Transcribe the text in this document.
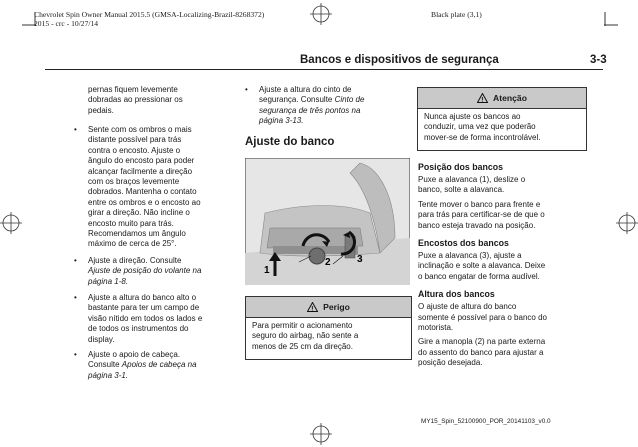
Chevrolet Spin Owner Manual 2015.5 (GMSA-Localizing-Brazil-8268372)
2015 - crc - 10/27/14
Black plate (3,1)
Bancos e dispositivos de segurança	3-3
pernas fiquem levemente
dobradas ao pressionar os
pedais.
• Sente com os ombros o mais
distante possível para trás
contra o encosto. Ajuste o
ângulo do encosto para poder
alcançar facilmente a direção
com os braços levemente
dobrados. Mantenha o contato
entre os ombros e o encosto ao
girar a direção. Não incline o
encosto muito para trás.
Recomendamos um ângulo
máximo de cerca de 25°.
• Ajuste a direção. Consulte
Ajuste de posição do volante na
página 1-8.
• Ajuste a altura do banco alto o
bastante para ter um campo de
visão nítido em todos os lados e
de todos os instrumentos do
display.
• Ajuste o apoio de cabeça.
Consulte Apoios de cabeça na
página 3-1.
• Ajuste a altura do cinto de
segurança. Consulte Cinto de
segurança de três pontos na
página 3-13.
Ajuste do banco
1
2	3
! Perigo
Para permitir o acionamento
seguro do airbag, não sente a
menos de 25 cm da direção.
! Atenção
Nunca ajuste os bancos ao
conduzir, uma vez que poderão
mover-se de forma incontrolável.
Posição dos bancos
Puxe a alavanca (1), deslize o
banco, solte a alavanca.
Tente mover o banco para frente e
para trás para certificar-se de que o
banco esteja travado na posição.
Encostos dos bancos
Puxe a alavanca (3), ajuste a
inclinação e solte a alavanca. Deixe
o banco engatar de forma audível.
Altura dos bancos
O ajuste de altura do banco
somente é possível para o banco do
motorista.
Gire a manopla (2) na parte externa
do assento do banco para ajustar a
posição desejada.
MY15_Spin_52100900_POR_20141103_v0.0
